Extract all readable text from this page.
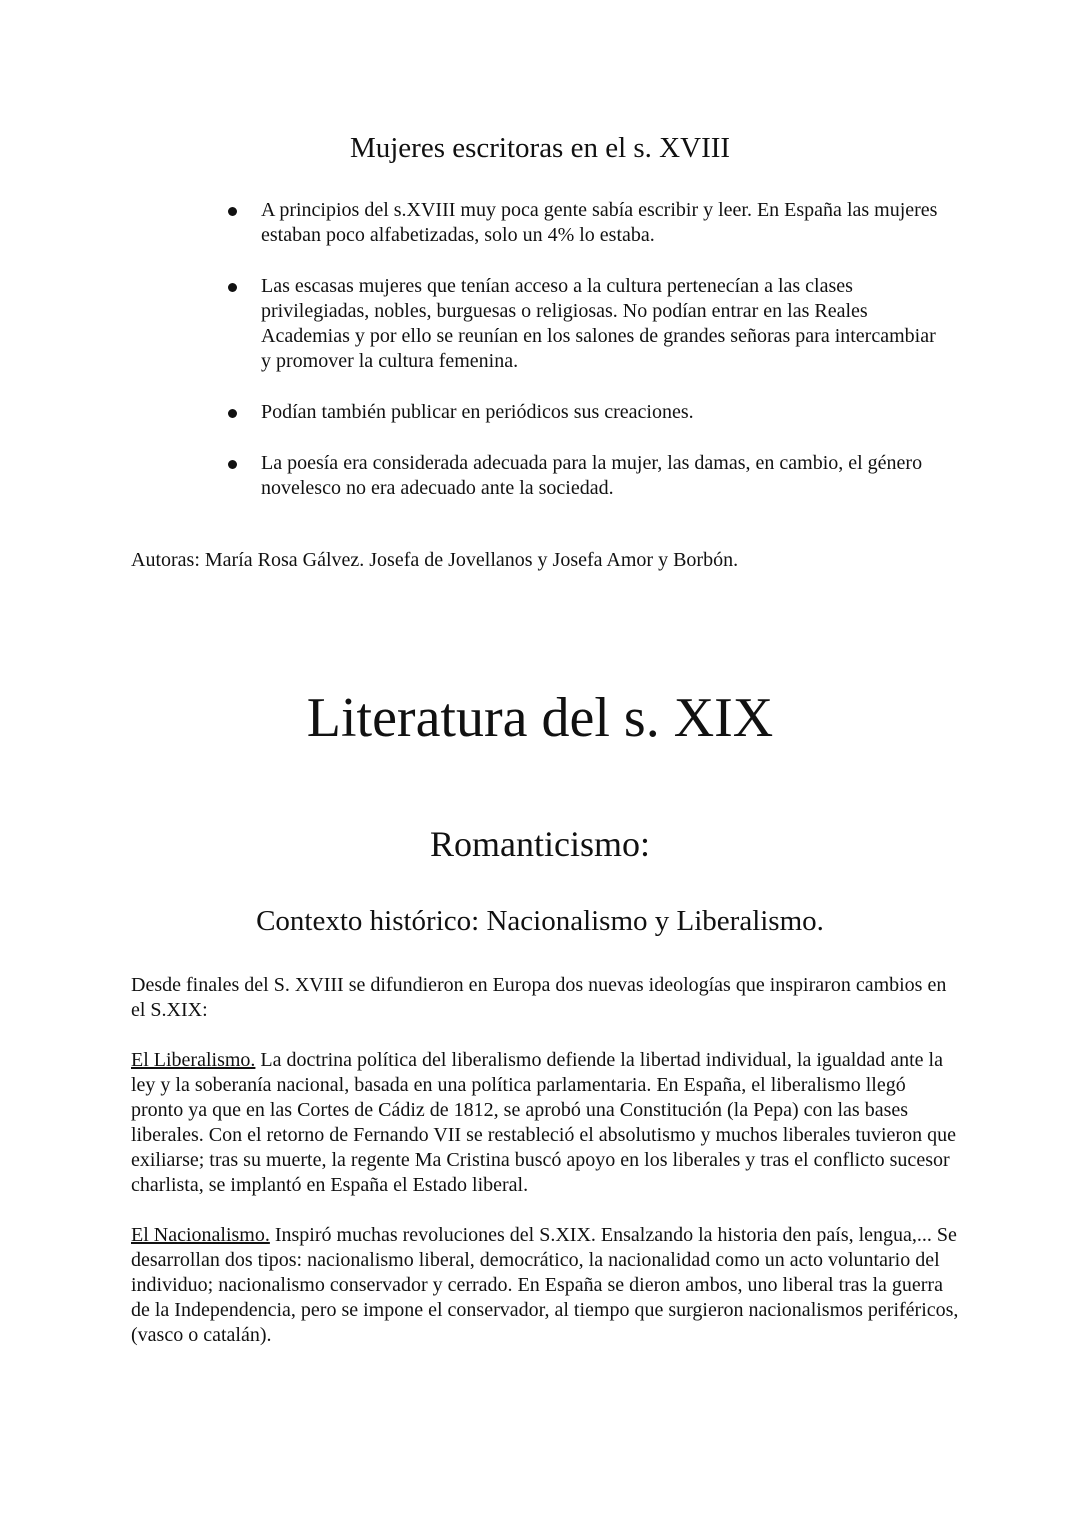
Mujeres escritoras en el s. XVIII
A principios del s.XVIII muy poca gente sabía escribir y leer. En España las mujeres estaban poco alfabetizadas, solo un 4% lo estaba.
Las escasas mujeres que tenían acceso a la cultura pertenecían a las clases privilegiadas, nobles, burguesas o religiosas. No podían entrar en las Reales Academias y por ello se reunían en los salones de grandes señoras para intercambiar y promover la cultura femenina.
Podían también publicar en periódicos sus creaciones.
La poesía era considerada adecuada para la mujer, las damas, en cambio, el género novelesco no era adecuado ante la sociedad.

Autoras: María Rosa Gálvez. Josefa de Jovellanos y Josefa Amor y Borbón.

Literatura del s. XIX
Romanticismo:
Contexto histórico: Nacionalismo y Liberalismo.

Desde finales del S. XVIII se difundieron en Europa dos nuevas ideologías que inspiraron cambios en el S.XIX:

El Liberalismo. La doctrina política del liberalismo defiende la libertad individual, la igualdad ante la ley y la soberanía nacional, basada en una política parlamentaria. En España, el liberalismo llegó pronto ya que en las Cortes de Cádiz de 1812, se aprobó una Constitución (la Pepa) con las bases liberales. Con el retorno de Fernando VII se restableció el absolutismo y muchos liberales tuvieron que exiliarse; tras su muerte, la regente Ma Cristina buscó apoyo en los liberales y tras el conflicto sucesor charlista, se implantó en España el Estado liberal.

El Nacionalismo. Inspiró muchas revoluciones del S.XIX. Ensalzando la historia den país, lengua,... Se desarrollan dos tipos: nacionalismo liberal, democrático, la nacionalidad como un acto voluntario del individuo; nacionalismo conservador y cerrado. En España se dieron ambos, uno liberal tras la guerra de la Independencia, pero se impone el conservador, al tiempo que surgieron nacionalismos periféricos, (vasco o catalán).
